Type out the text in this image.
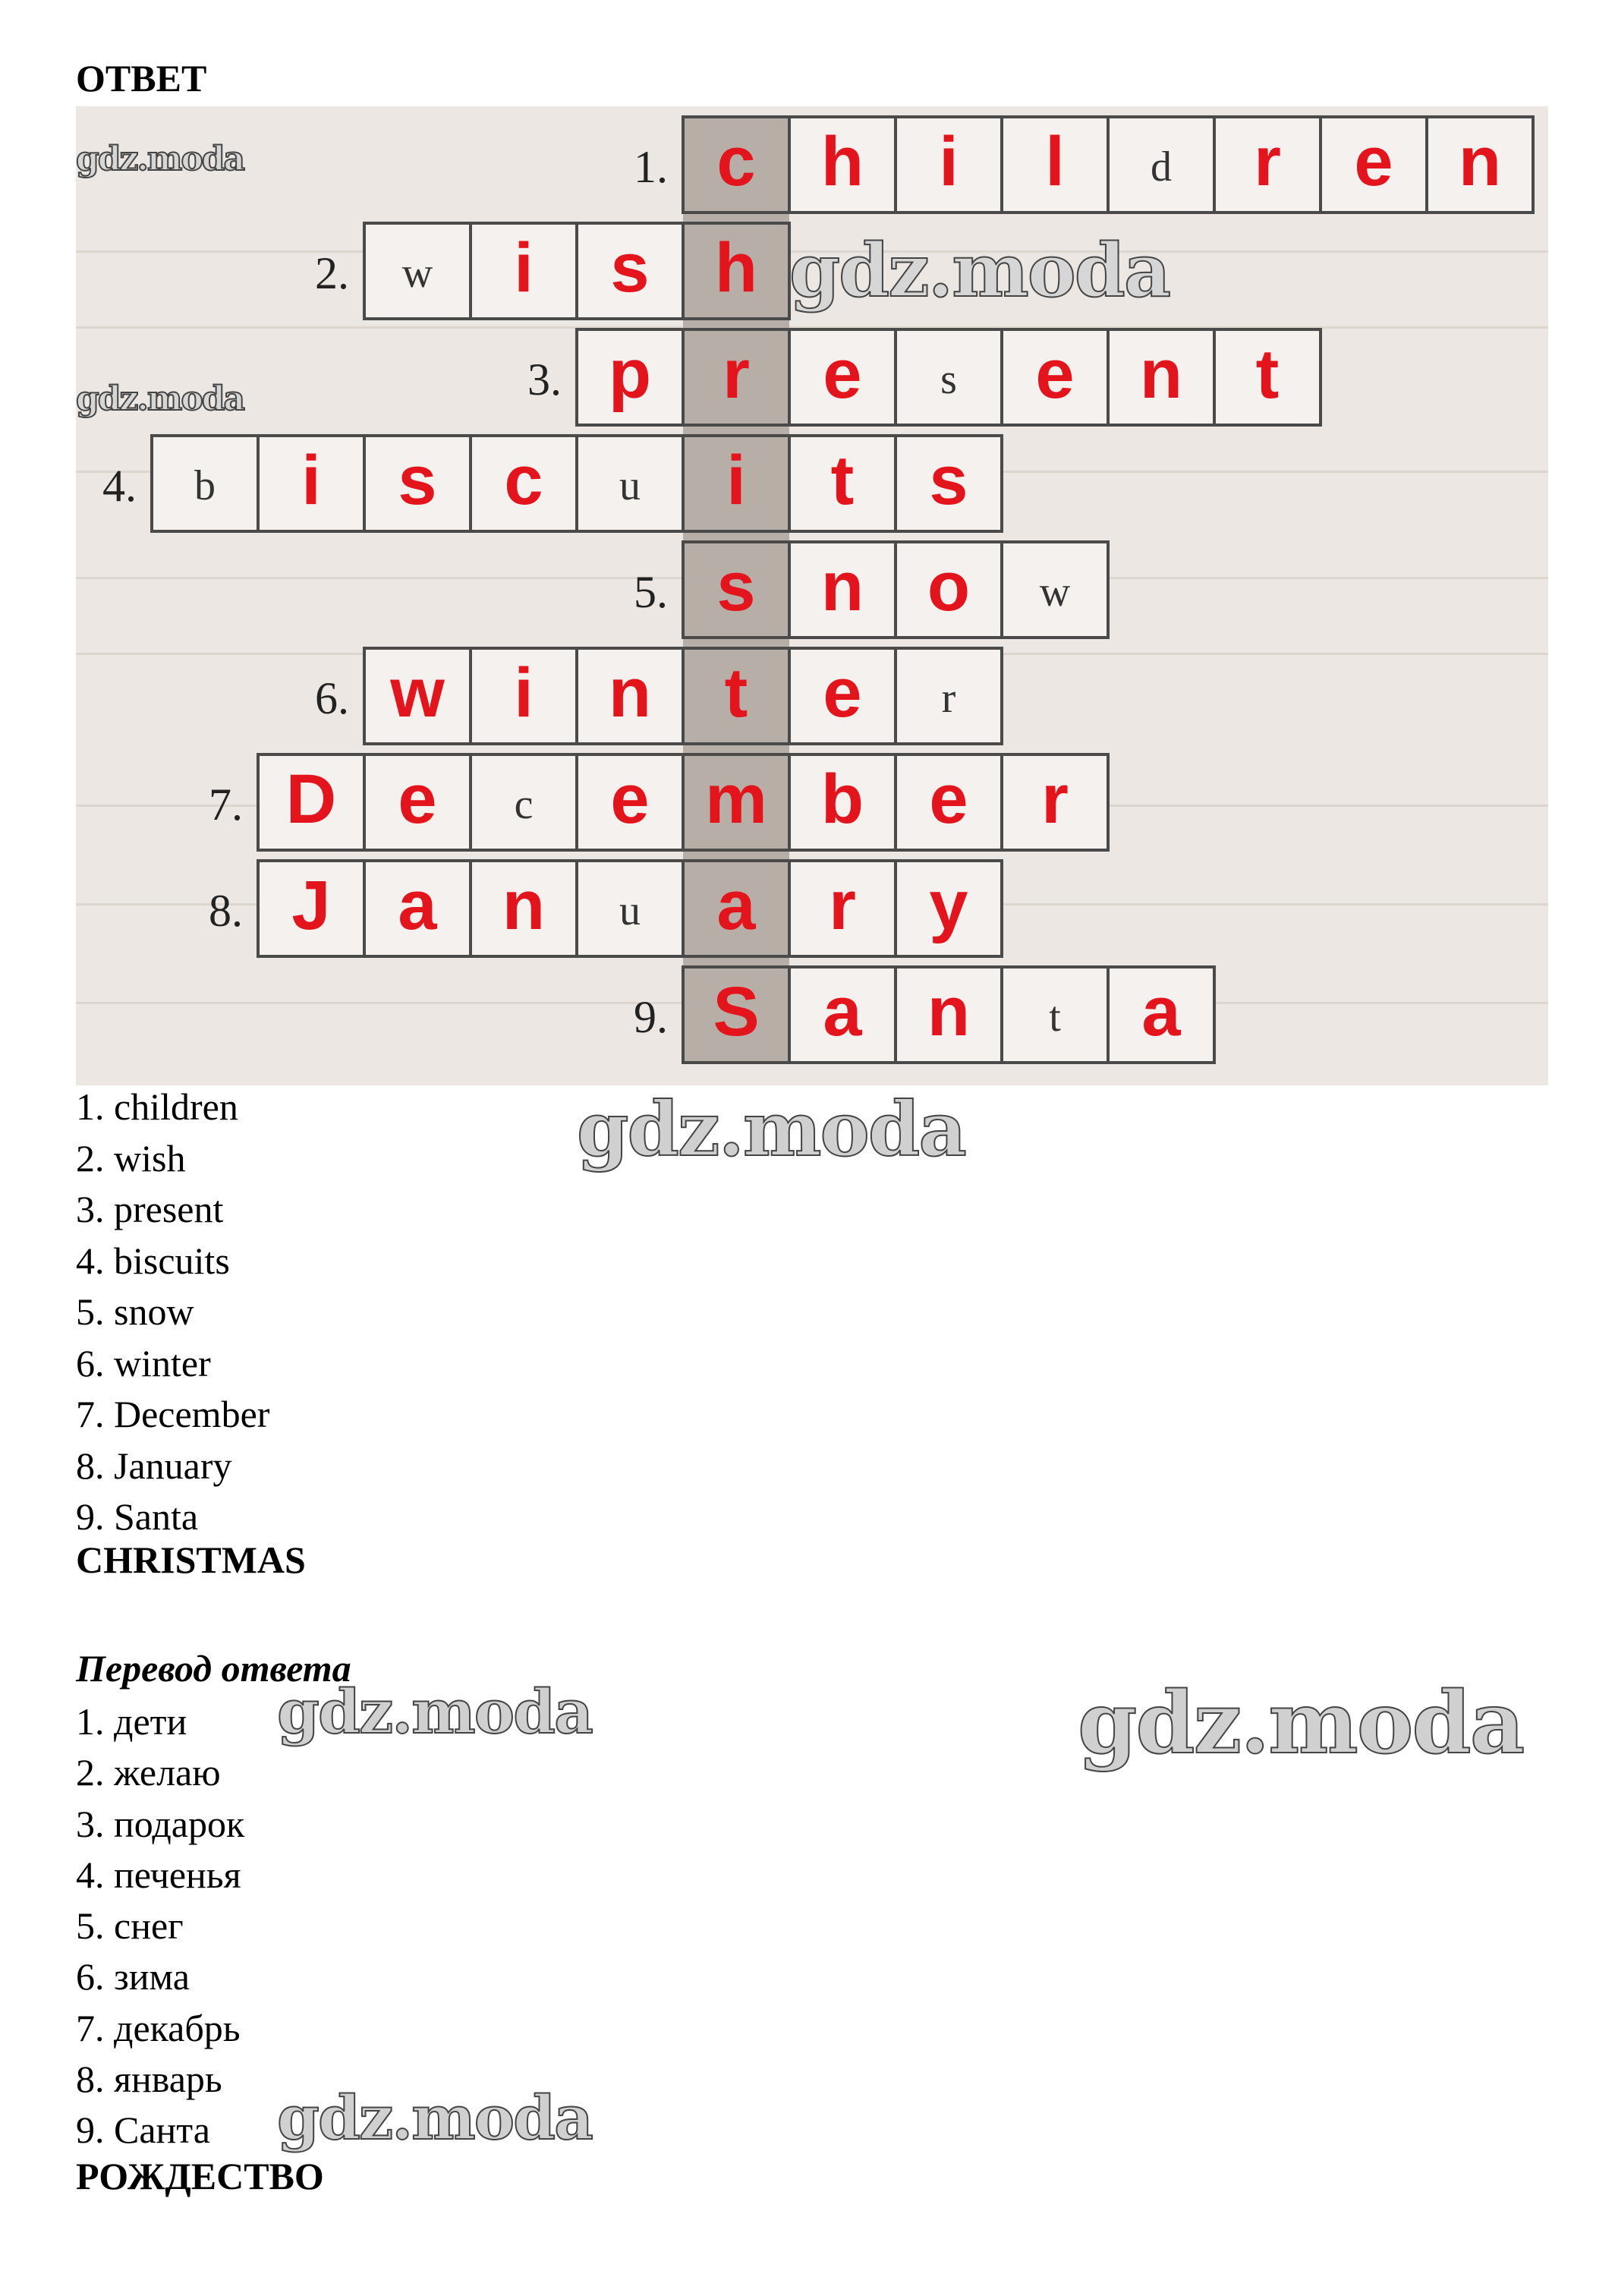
ОТВЕТ
1. c h i l d r e n
2. w i s h
3. p r e s e n t
4. b i s c u i t s
5. s n o w
6. w i n t e r
7. D e c e m b e r
8. J a n u a r y
9. S a n t a
gdz.moda
gdz.moda
gdz.moda
1. children
2. wish
3. present
4. biscuits
5. snow
6. winter
7. December
8. January
9. Santa
CHRISTMAS
Перевод ответа
1. дети
2. желаю
3. подарок
4. печенья
5. снег
6. зима
7. декабрь
8. январь
9. Санта
РОЖДЕСТВО
gdz.moda
gdz.moda	gdz.moda
gdz.moda
